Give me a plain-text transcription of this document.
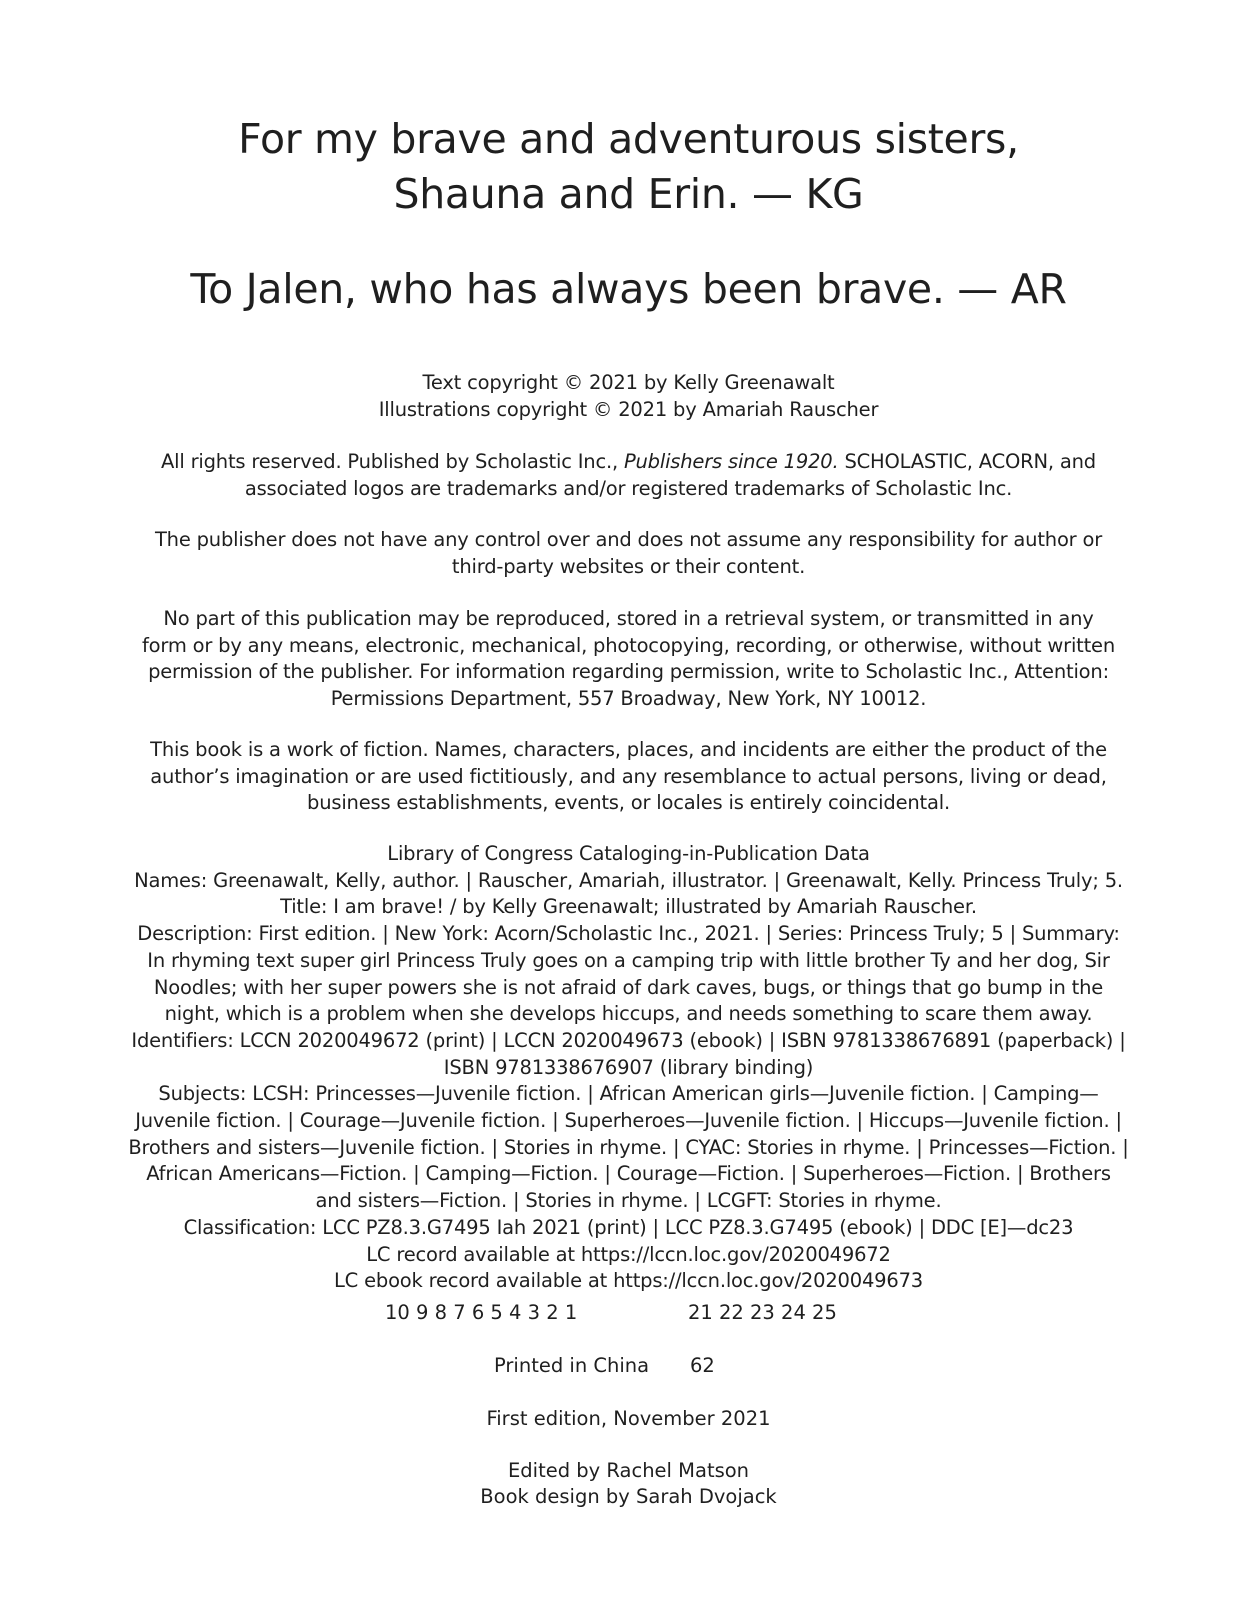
For my brave and adventurous sisters,
Shauna and Erin. — KG
To Jalen, who has always been brave. — AR
Text copyright © 2021 by Kelly Greenawalt
Illustrations copyright © 2021 by Amariah Rauscher
All rights reserved. Published by Scholastic Inc., Publishers since 1920. SCHOLASTIC, ACORN, and
associated logos are trademarks and/or registered trademarks of Scholastic Inc.
The publisher does not have any control over and does not assume any responsibility for author or
third-party websites or their content.
No part of this publication may be reproduced, stored in a retrieval system, or transmitted in any
form or by any means, electronic, mechanical, photocopying, recording, or otherwise, without written
permission of the publisher. For information regarding permission, write to Scholastic Inc., Attention:
Permissions Department, 557 Broadway, New York, NY 10012.
This book is a work of fiction. Names, characters, places, and incidents are either the product of the
author’s imagination or are used fictitiously, and any resemblance to actual persons, living or dead,
business establishments, events, or locales is entirely coincidental.
Library of Congress Cataloging-in-Publication Data
Names: Greenawalt, Kelly, author. | Rauscher, Amariah, illustrator. | Greenawalt, Kelly. Princess Truly; 5.
Title: I am brave! / by Kelly Greenawalt; illustrated by Amariah Rauscher.
Description: First edition. | New York: Acorn/Scholastic Inc., 2021. | Series: Princess Truly; 5 | Summary:
In rhyming text super girl Princess Truly goes on a camping trip with little brother Ty and her dog, Sir
Noodles; with her super powers she is not afraid of dark caves, bugs, or things that go bump in the
night, which is a problem when she develops hiccups, and needs something to scare them away.
Identifiers: LCCN 2020049672 (print) | LCCN 2020049673 (ebook) | ISBN 9781338676891 (paperback) |
ISBN 9781338676907 (library binding)
Subjects: LCSH: Princesses—Juvenile fiction. | African American girls—Juvenile fiction. | Camping—
Juvenile fiction. | Courage—Juvenile fiction. | Superheroes—Juvenile fiction. | Hiccups—Juvenile fiction. |
Brothers and sisters—Juvenile fiction. | Stories in rhyme. | CYAC: Stories in rhyme. | Princesses—Fiction. |
African Americans—Fiction. | Camping—Fiction. | Courage—Fiction. | Superheroes—Fiction. | Brothers
and sisters—Fiction. | Stories in rhyme. | LCGFT: Stories in rhyme.
Classification: LCC PZ8.3.G7495 Iah 2021 (print) | LCC PZ8.3.G7495 (ebook) | DDC [E]—dc23
LC record available at https://lccn.loc.gov/2020049672
LC ebook record available at https://lccn.loc.gov/2020049673
10 9 8 7 6 5 4 3 2 1	21 22 23 24 25
Printed in China 62
First edition, November 2021
Edited by Rachel Matson
Book design by Sarah Dvojack
